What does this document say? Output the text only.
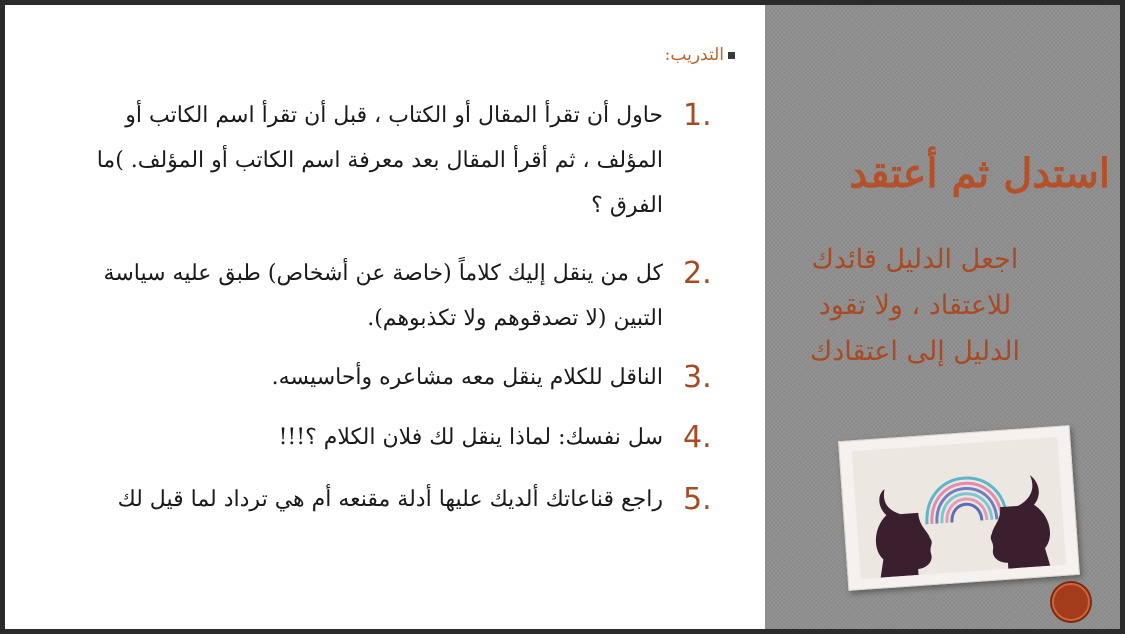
التدريب:
1.
حاول أن تقرأ المقال أو الكتاب ، قبل أن تقرأ اسم الكاتب أو المؤلف ، ثم أقرأ المقال بعد معرفة اسم الكاتب أو المؤلف. )ما الفرق ؟
2.
كل من ينقل إليك كلاماً (خاصة عن أشخاص) طبق عليه سياسة التبين (لا تصدقوهم ولا تكذبوهم).
3.
الناقل للكلام ينقل معه مشاعره وأحاسيسه.
4.
سل نفسك: لماذا ينقل لك فلان الكلام ؟!!!
5.
راجع قناعاتك ألديك عليها أدلة مقنعه أم هي ترداد لما قيل لك
استدل ثم أعتقد
اجعل الدليل قائدك للاعتقاد ، ولا تقود الدليل إلى اعتقادك
